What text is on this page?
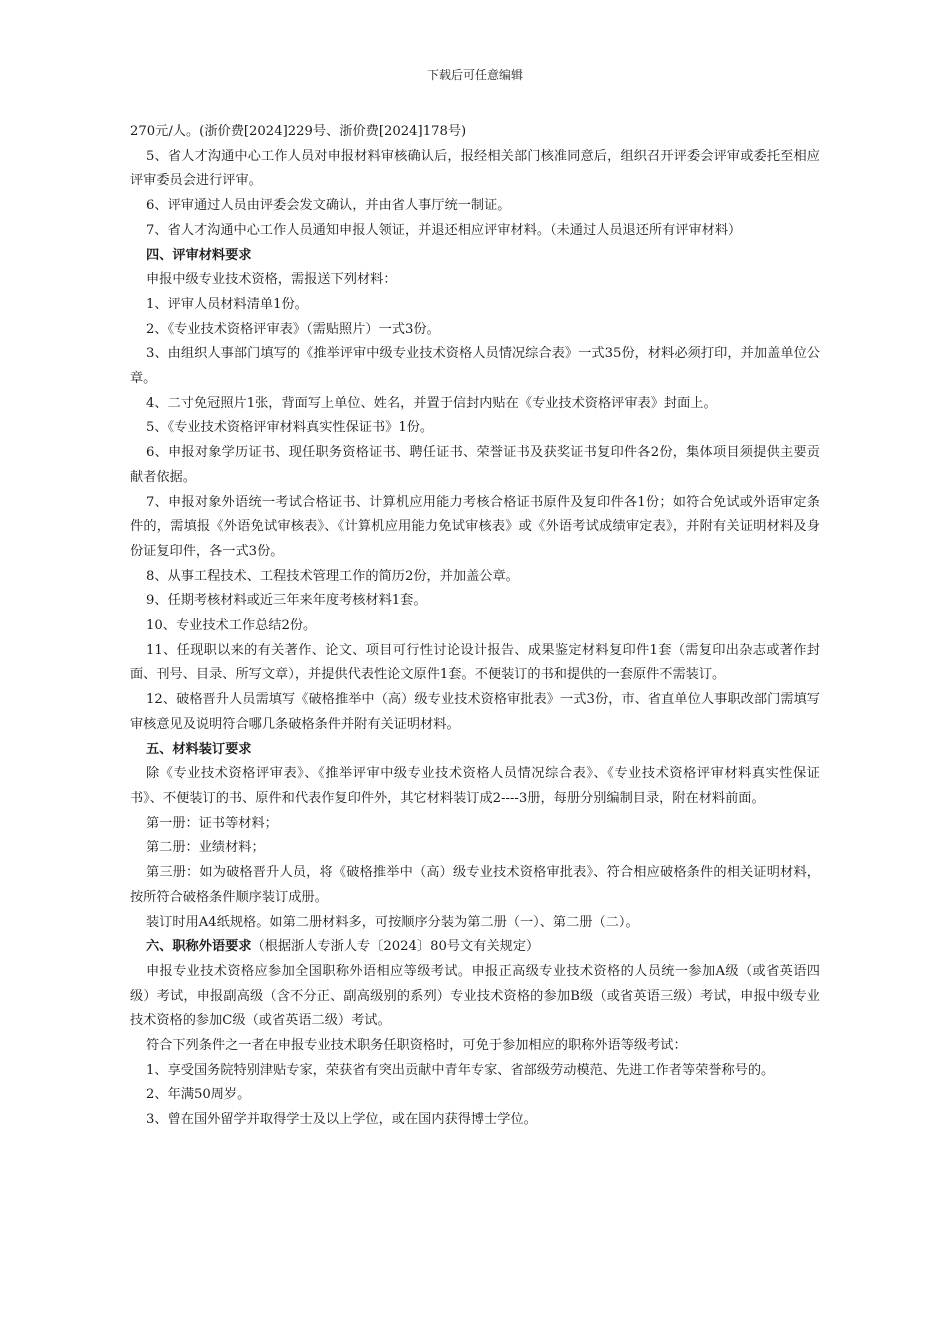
下载后可任意编辑

270元/人。(浙价费[2024]229号、浙价费[2024]178号)

5、省人才沟通中心工作人员对申报材料审核确认后，报经相关部门核准同意后，组织召开评委会评审或委托至相应评审委员会进行评审。

6、评审通过人员由评委会发文确认，并由省人事厅统一制证。

7、省人才沟通中心工作人员通知申报人领证，并退还相应评审材料。（未通过人员退还所有评审材料）

四、评审材料要求

申报中级专业技术资格，需报送下列材料：

1、评审人员材料清单1份。

2、《专业技术资格评审表》（需贴照片）一式3份。

3、由组织人事部门填写的《推举评审中级专业技术资格人员情况综合表》一式35份，材料必须打印，并加盖单位公章。

4、二寸免冠照片1张，背面写上单位、姓名，并置于信封内贴在《专业技术资格评审表》封面上。

5、《专业技术资格评审材料真实性保证书》1份。

6、申报对象学历证书、现任职务资格证书、聘任证书、荣誉证书及获奖证书复印件各2份，集体项目须提供主要贡献者依据。

7、申报对象外语统一考试合格证书、计算机应用能力考核合格证书原件及复印件各1份；如符合免试或外语审定条件的，需填报《外语免试审核表》、《计算机应用能力免试审核表》或《外语考试成绩审定表》，并附有关证明材料及身份证复印件，各一式3份。

8、从事工程技术、工程技术管理工作的简历2份，并加盖公章。

9、任期考核材料或近三年来年度考核材料1套。

10、专业技术工作总结2份。

11、任现职以来的有关著作、论文、项目可行性讨论设计报告、成果鉴定材料复印件1套（需复印出杂志或著作封面、刊号、目录、所写文章），并提供代表性论文原件1套。不便装订的书和提供的一套原件不需装订。

12、破格晋升人员需填写《破格推举中（高）级专业技术资格审批表》一式3份，市、省直单位人事职改部门需填写审核意见及说明符合哪几条破格条件并附有关证明材料。

五、材料装订要求

除《专业技术资格评审表》、《推举评审中级专业技术资格人员情况综合表》、《专业技术资格评审材料真实性保证书》、不便装订的书、原件和代表作复印件外，其它材料装订成2----3册，每册分别编制目录，附在材料前面。

第一册：证书等材料；

第二册：业绩材料；

第三册：如为破格晋升人员，将《破格推举中（高）级专业技术资格审批表》、符合相应破格条件的相关证明材料，按所符合破格条件顺序装订成册。

装订时用A4纸规格。如第二册材料多，可按顺序分装为第二册（一）、第二册（二）。

六、职称外语要求（根据浙人专浙人专〔2024〕80号文有关规定）

申报专业技术资格应参加全国职称外语相应等级考试。申报正高级专业技术资格的人员统一参加A级（或省英语四级）考试，申报副高级（含不分正、副高级别的系列）专业技术资格的参加B级（或省英语三级）考试，申报中级专业技术资格的参加C级（或省英语二级）考试。

符合下列条件之一者在申报专业技术职务任职资格时，可免于参加相应的职称外语等级考试：

1、享受国务院特别津贴专家，荣获省有突出贡献中青年专家、省部级劳动模范、先进工作者等荣誉称号的。

2、年满50周岁。

3、曾在国外留学并取得学士及以上学位，或在国内获得博士学位。
